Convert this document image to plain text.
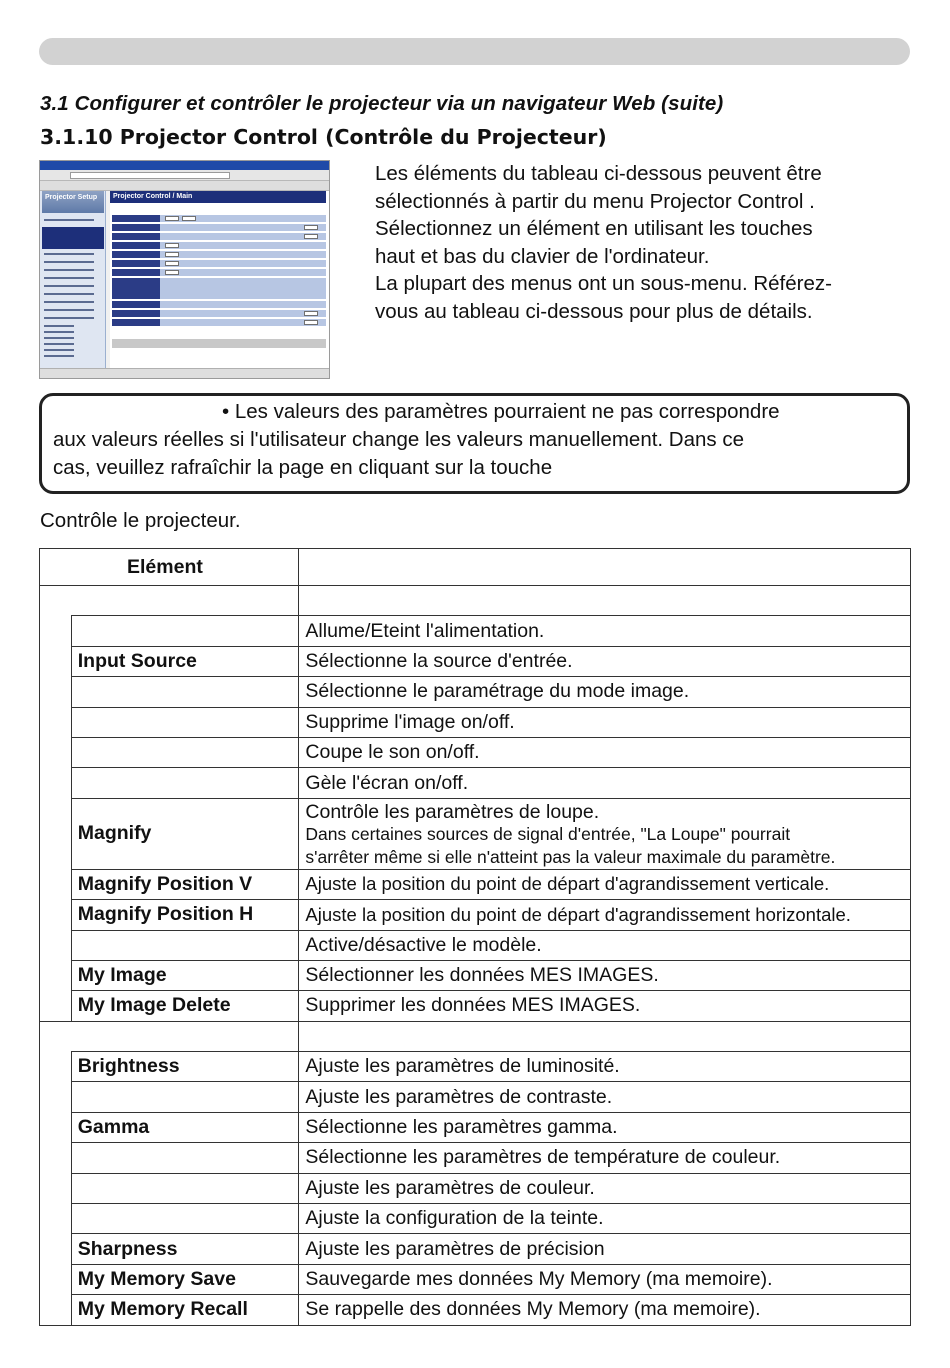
3.1 Configurer et contrôler le projecteur via un navigateur Web (suite)
3.1.10 Projector Control (Contrôle du Projecteur)
Projector Setup	Projector Control / Main

Les éléments du tableau ci-dessous peuvent être

sélectionnés à partir du menu Projector Control .

Sélectionnez un élément en utilisant les touches

haut et bas du clavier de l'ordinateur.

La plupart des menus ont un sous-menu. Référez-

vous au tableau ci-dessous pour plus de détails.

• Les valeurs des paramètres pourraient ne pas correspondre
aux valeurs réelles si l'utilisateur change les valeurs manuellement. Dans ce
cas, veuillez rafraîchir la page en cliquant sur la touche
Contrôle le projecteur.
Elément		

		Allume/Eteint l'alimentation.
	Input Source	Sélectionne la source d'entrée.
		Sélectionne le paramétrage du mode image.
		Supprime l'image on/off.
		Coupe le son on/off.
		Gèle l'écran on/off.
	Magnify	Contrôle les paramètres de loupe.
Dans certaines sources de signal d'entrée, "La Loupe" pourrait
s'arrêter même si elle n'atteint pas la valeur maximale du paramètre.

	Magnify Position V	Ajuste la position du point de départ d'agrandissement verticale.
	Magnify Position H	Ajuste la position du point de départ d'agrandissement horizontale.
		Active/désactive le modèle.
	My Image	Sélectionner les données MES IMAGES.
	My Image Delete	Supprimer les données MES IMAGES.

	Brightness	Ajuste les paramètres de luminosité.
		Ajuste les paramètres de contraste.
	Gamma	Sélectionne les paramètres gamma.
		Sélectionne les paramètres de température de couleur.
		Ajuste les paramètres de couleur.
		Ajuste la configuration de la teinte.
	Sharpness	Ajuste les paramètres de précision
	My Memory Save	Sauvegarde mes données My Memory (ma memoire).
	My Memory Recall	Se rappelle des données My Memory (ma memoire).
